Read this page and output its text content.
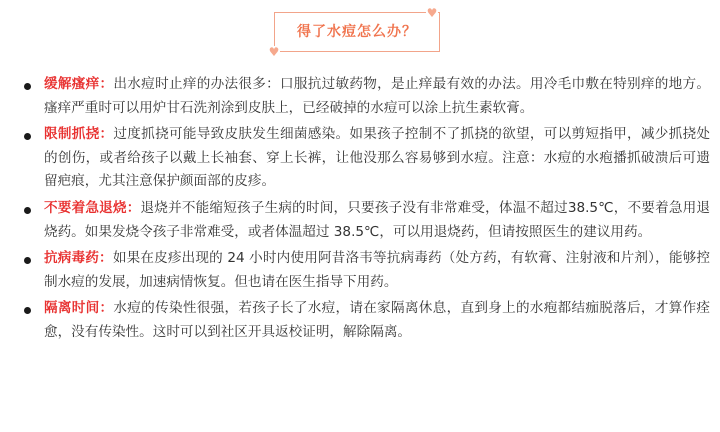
得了水痘怎么办？
♥
♥
缓解瘙痒：出水痘时止痒的办法很多：口服抗过敏药物，是止痒最有效的办法。用冷毛巾敷在特别痒的地方。瘙痒严重时可以用炉甘石洗剂涂到皮肤上，已经破掉的水痘可以涂上抗生素软膏。
限制抓挠：过度抓挠可能导致皮肤发生细菌感染。如果孩子控制不了抓挠的欲望，可以剪短指甲，减少抓挠处的创伤，或者给孩子以戴上长袖套、穿上长裤，让他没那么容易够到水痘。注意：水痘的水疱播抓破溃后可遗留疤痕，尤其注意保护颜面部的皮疹。
不要着急退烧：退烧并不能缩短孩子生病的时间，只要孩子没有非常难受，体温不超过38.5℃，不要着急用退烧药。如果发烧令孩子非常难受，或者体温超过 38.5℃，可以用退烧药，但请按照医生的建议用药。
抗病毒药：如果在皮疹出现的 24 小时内使用阿昔洛韦等抗病毒药（处方药，有软膏、注射液和片剂），能够控制水痘的发展，加速病情恢复。但也请在医生指导下用药。
隔离时间：水痘的传染性很强，若孩子长了水痘，请在家隔离休息，直到身上的水疱都结痂脱落后，才算作痊愈，没有传染性。这时可以到社区开具返校证明，解除隔离。
